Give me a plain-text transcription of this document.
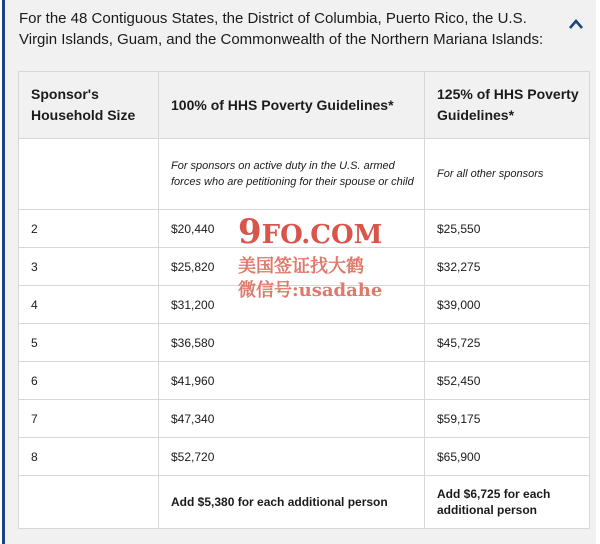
For the 48 Contiguous States, the District of Columbia, Puerto Rico, the U.S. Virgin Islands, Guam, and the Commonwealth of the Northern Mariana Islands:
Sponsor's Household Size	100% of HHS Poverty Guidelines*	125% of HHS Poverty Guidelines*
	For sponsors on active duty in the U.S. armed forces who are petitioning for their spouse or child	For all other sponsors
2	$20,440	$25,550
3	$25,820	$32,275
4	$31,200	$39,000
5	$36,580	$45,725
6	$41,960	$52,450
7	$47,340	$59,175
8	$52,720	$65,900
	Add $5,380 for each additional person	Add $6,725 for each additional person
9FO.COM
美国签证找大鹤
微信号:usadahe
